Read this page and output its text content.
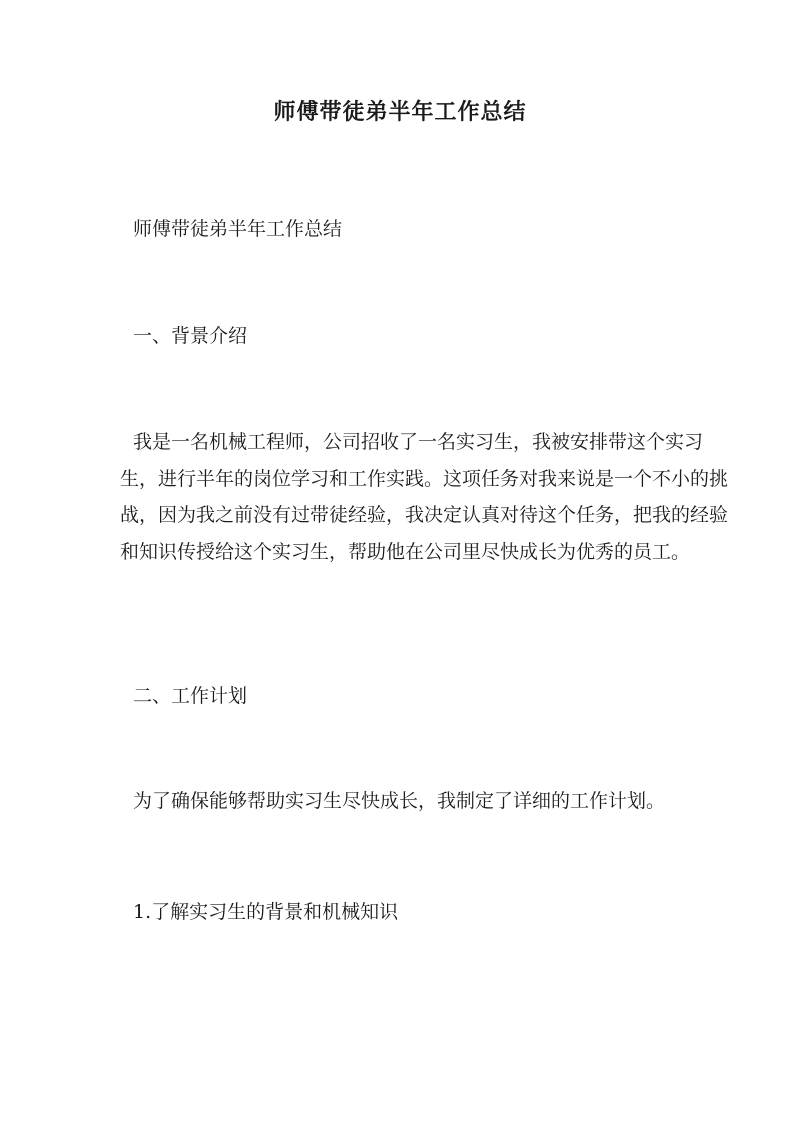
师傅带徒弟半年工作总结
师傅带徒弟半年工作总结
一、背景介绍
我是一名机械工程师，公司招收了一名实习生，我被安排带这个实习
生，进行半年的岗位学习和工作实践。这项任务对我来说是一个不小的挑
战，因为我之前没有过带徒经验，我决定认真对待这个任务，把我的经验
和知识传授给这个实习生，帮助他在公司里尽快成长为优秀的员工。
二、工作计划
为了确保能够帮助实习生尽快成长，我制定了详细的工作计划。
1.了解实习生的背景和机械知识
